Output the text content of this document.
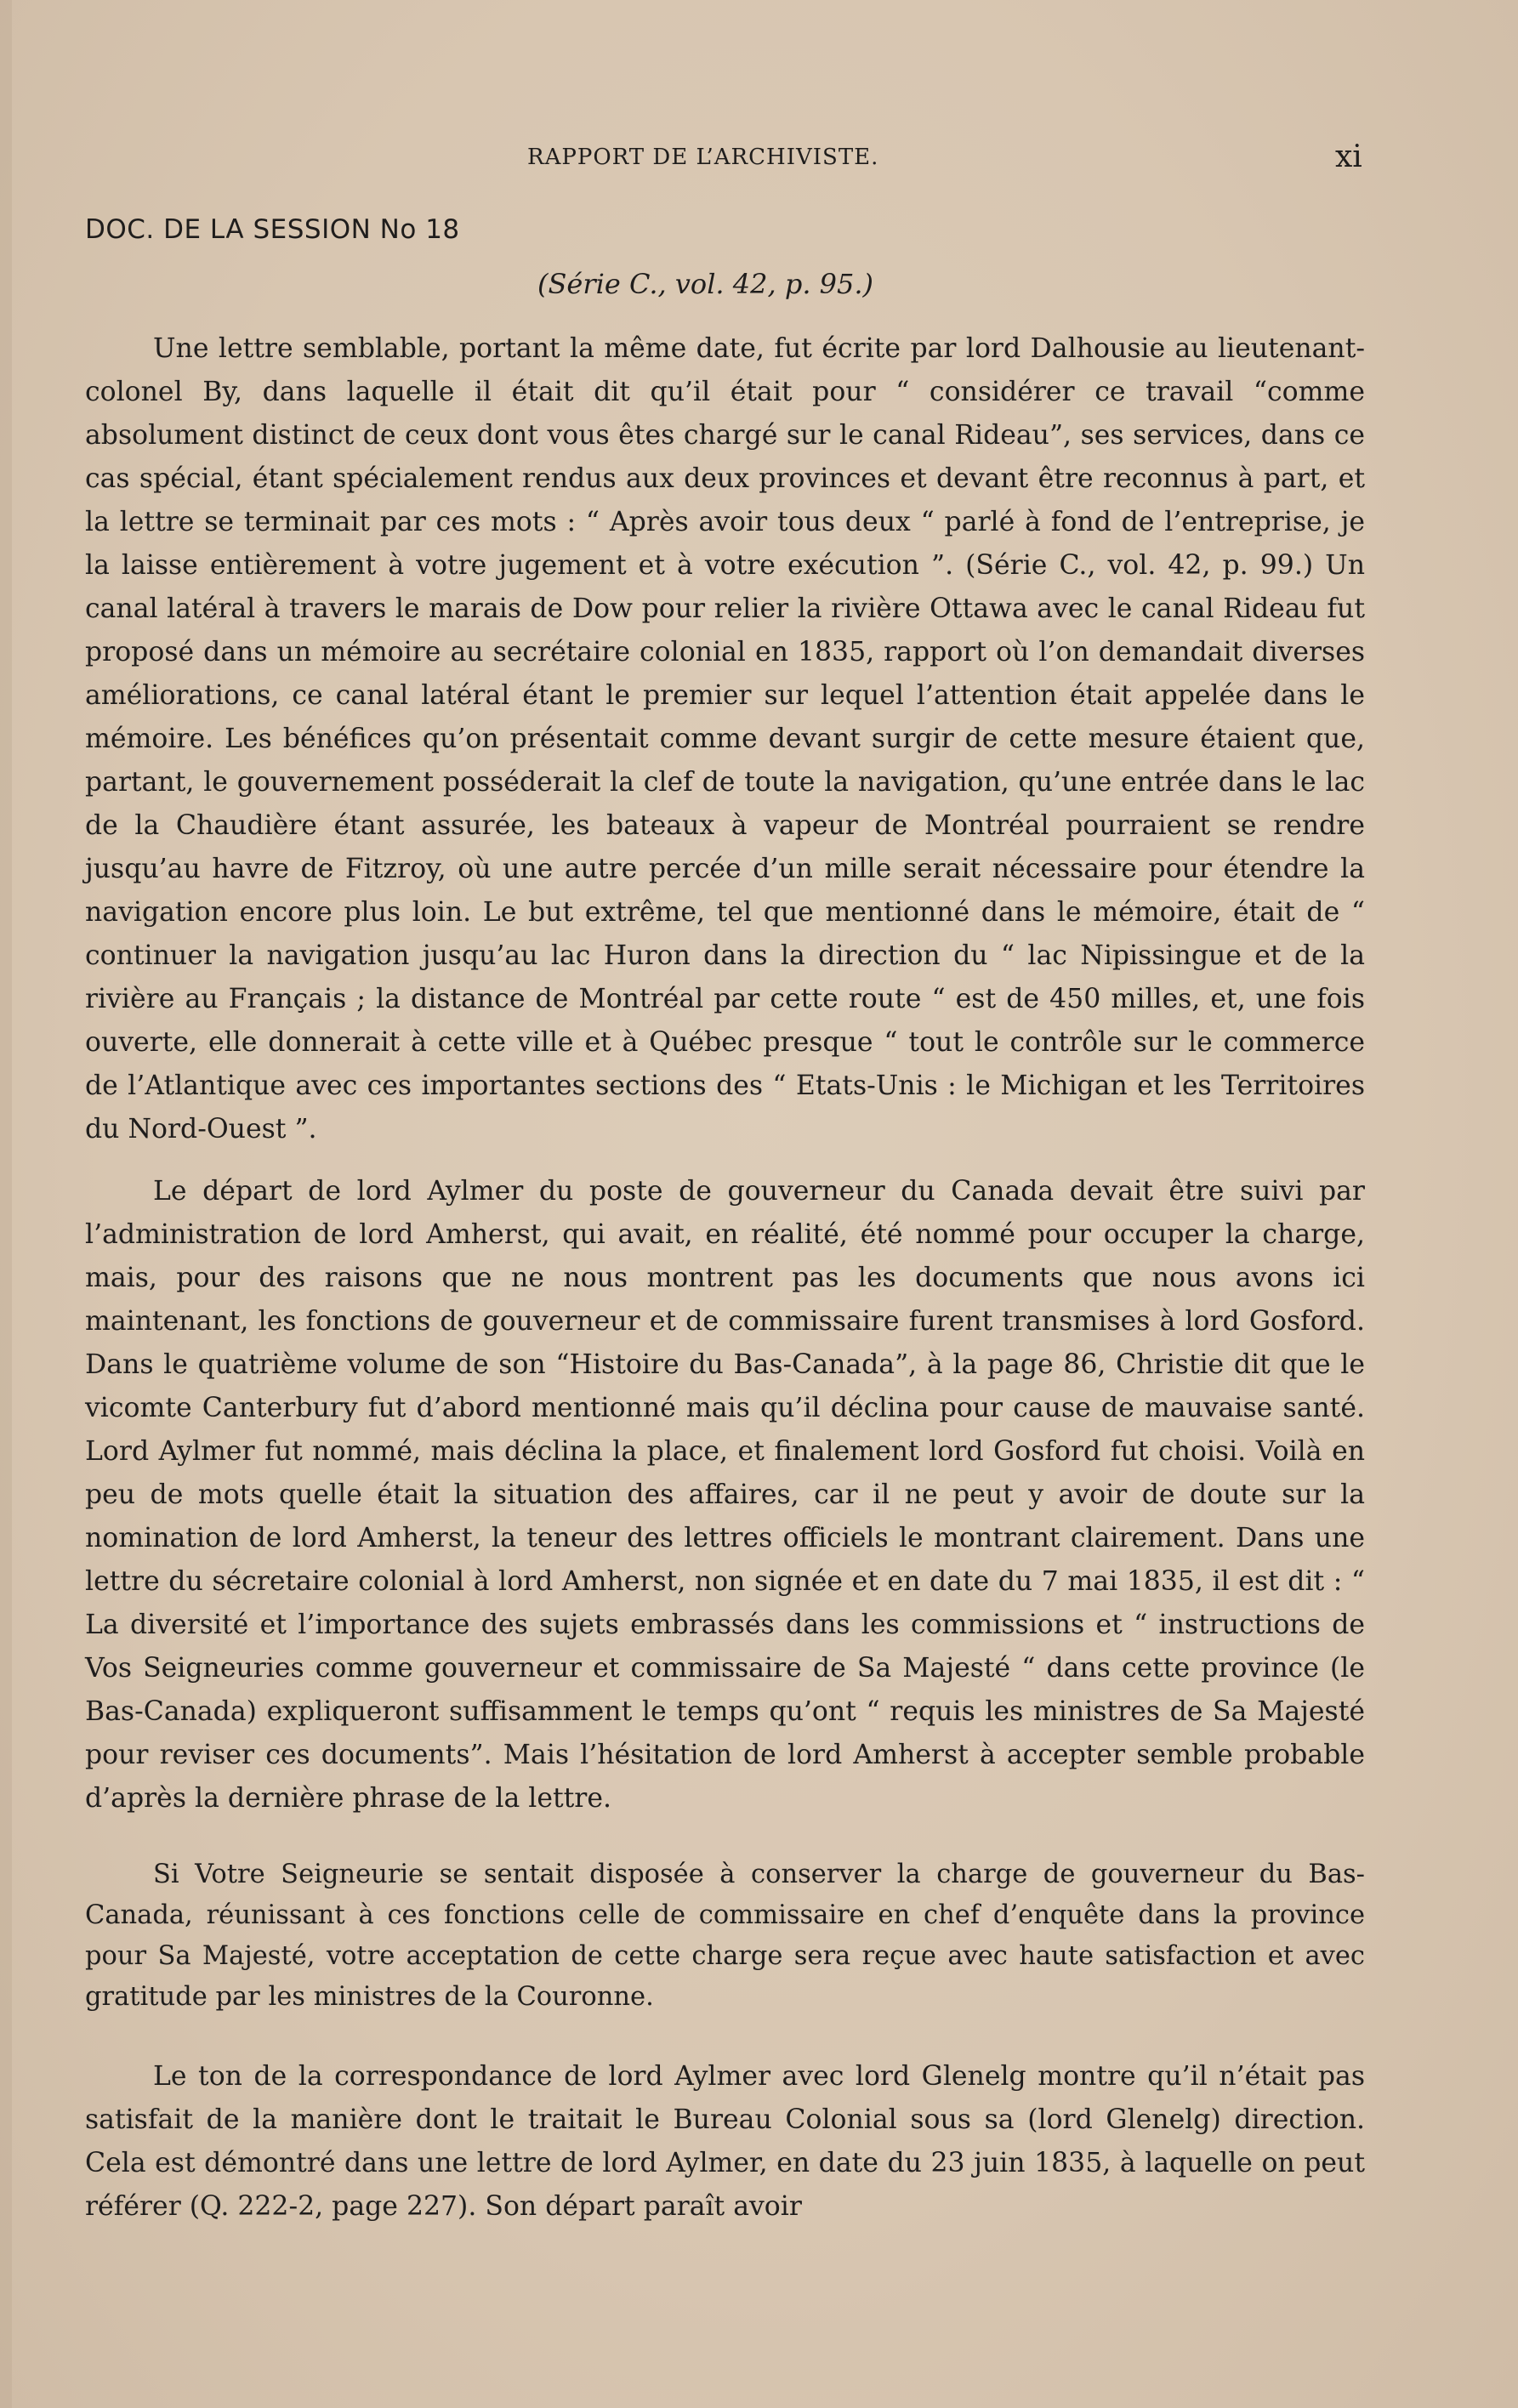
RAPPORT DE L’ARCHIVISTE.	xi
DOC. DE LA SESSION No 18
(Série C., vol. 42, p. 95.)

Une lettre semblable, portant la même date, fut écrite par lord Dalhousie au lieutenant-colonel By, dans laquelle il était dit qu’il était pour “ considérer ce travail “comme absolument distinct de ceux dont vous êtes chargé sur le canal Rideau”, ses services, dans ce cas spécial, étant spécialement rendus aux deux provinces et devant être reconnus à part, et la lettre se terminait par ces mots : “ Après avoir tous deux “ parlé à fond de l’entreprise, je la laisse entièrement à votre jugement et à votre exécution ”. (Série C., vol. 42, p. 99.) Un canal latéral à travers le marais de Dow pour relier la rivière Ottawa avec le canal Rideau fut proposé dans un mémoire au secrétaire colonial en 1835, rapport où l’on demandait diverses améliorations, ce canal latéral étant le premier sur lequel l’attention était appelée dans le mémoire. Les bénéfices qu’on présentait comme devant surgir de cette mesure étaient que, partant, le gouvernement posséderait la clef de toute la navigation, qu’une entrée dans le lac de la Chaudière étant assurée, les bateaux à vapeur de Montréal pourraient se rendre jusqu’au havre de Fitzroy, où une autre percée d’un mille serait nécessaire pour étendre la navigation encore plus loin. Le but extrême, tel que mentionné dans le mémoire, était de “ continuer la navigation jusqu’au lac Huron dans la direction du “ lac Nipissingue et de la rivière au Français ; la distance de Montréal par cette route “ est de 450 milles, et, une fois ouverte, elle donnerait à cette ville et à Québec presque “ tout le contrôle sur le commerce de l’Atlantique avec ces importantes sections des “ Etats-Unis : le Michigan et les Territoires du Nord-Ouest ”.

Le départ de lord Aylmer du poste de gouverneur du Canada devait être suivi par l’administration de lord Amherst, qui avait, en réalité, été nommé pour occuper la charge, mais, pour des raisons que ne nous montrent pas les documents que nous avons ici maintenant, les fonctions de gouverneur et de commissaire furent transmises à lord Gosford. Dans le quatrième volume de son “Histoire du Bas-Canada”, à la page 86, Christie dit que le vicomte Canterbury fut d’abord mentionné mais qu’il déclina pour cause de mauvaise santé. Lord Aylmer fut nommé, mais déclina la place, et finalement lord Gosford fut choisi. Voilà en peu de mots quelle était la situation des affaires, car il ne peut y avoir de doute sur la nomination de lord Amherst, la teneur des lettres officiels le montrant clairement. Dans une lettre du sécretaire colonial à lord Amherst, non signée et en date du 7 mai 1835, il est dit : “ La diversité et l’importance des sujets embrassés dans les commissions et “ instructions de Vos Seigneuries comme gouverneur et commissaire de Sa Majesté “ dans cette province (le Bas-Canada) expliqueront suffisamment le temps qu’ont “ requis les ministres de Sa Majesté pour reviser ces documents”. Mais l’hésitation de lord Amherst à accepter semble probable d’après la dernière phrase de la lettre.

Si Votre Seigneurie se sentait disposée à conserver la charge de gouverneur du Bas-Canada, réunissant à ces fonctions celle de commissaire en chef d’enquête dans la province pour Sa Majesté, votre acceptation de cette charge sera reçue avec haute satisfaction et avec gratitude par les ministres de la Couronne.

Le ton de la correspondance de lord Aylmer avec lord Glenelg montre qu’il n’était pas satisfait de la manière dont le traitait le Bureau Colonial sous sa (lord Glenelg) direction. Cela est démontré dans une lettre de lord Aylmer, en date du 23 juin 1835, à laquelle on peut référer (Q. 222-2, page 227). Son départ paraît avoir
